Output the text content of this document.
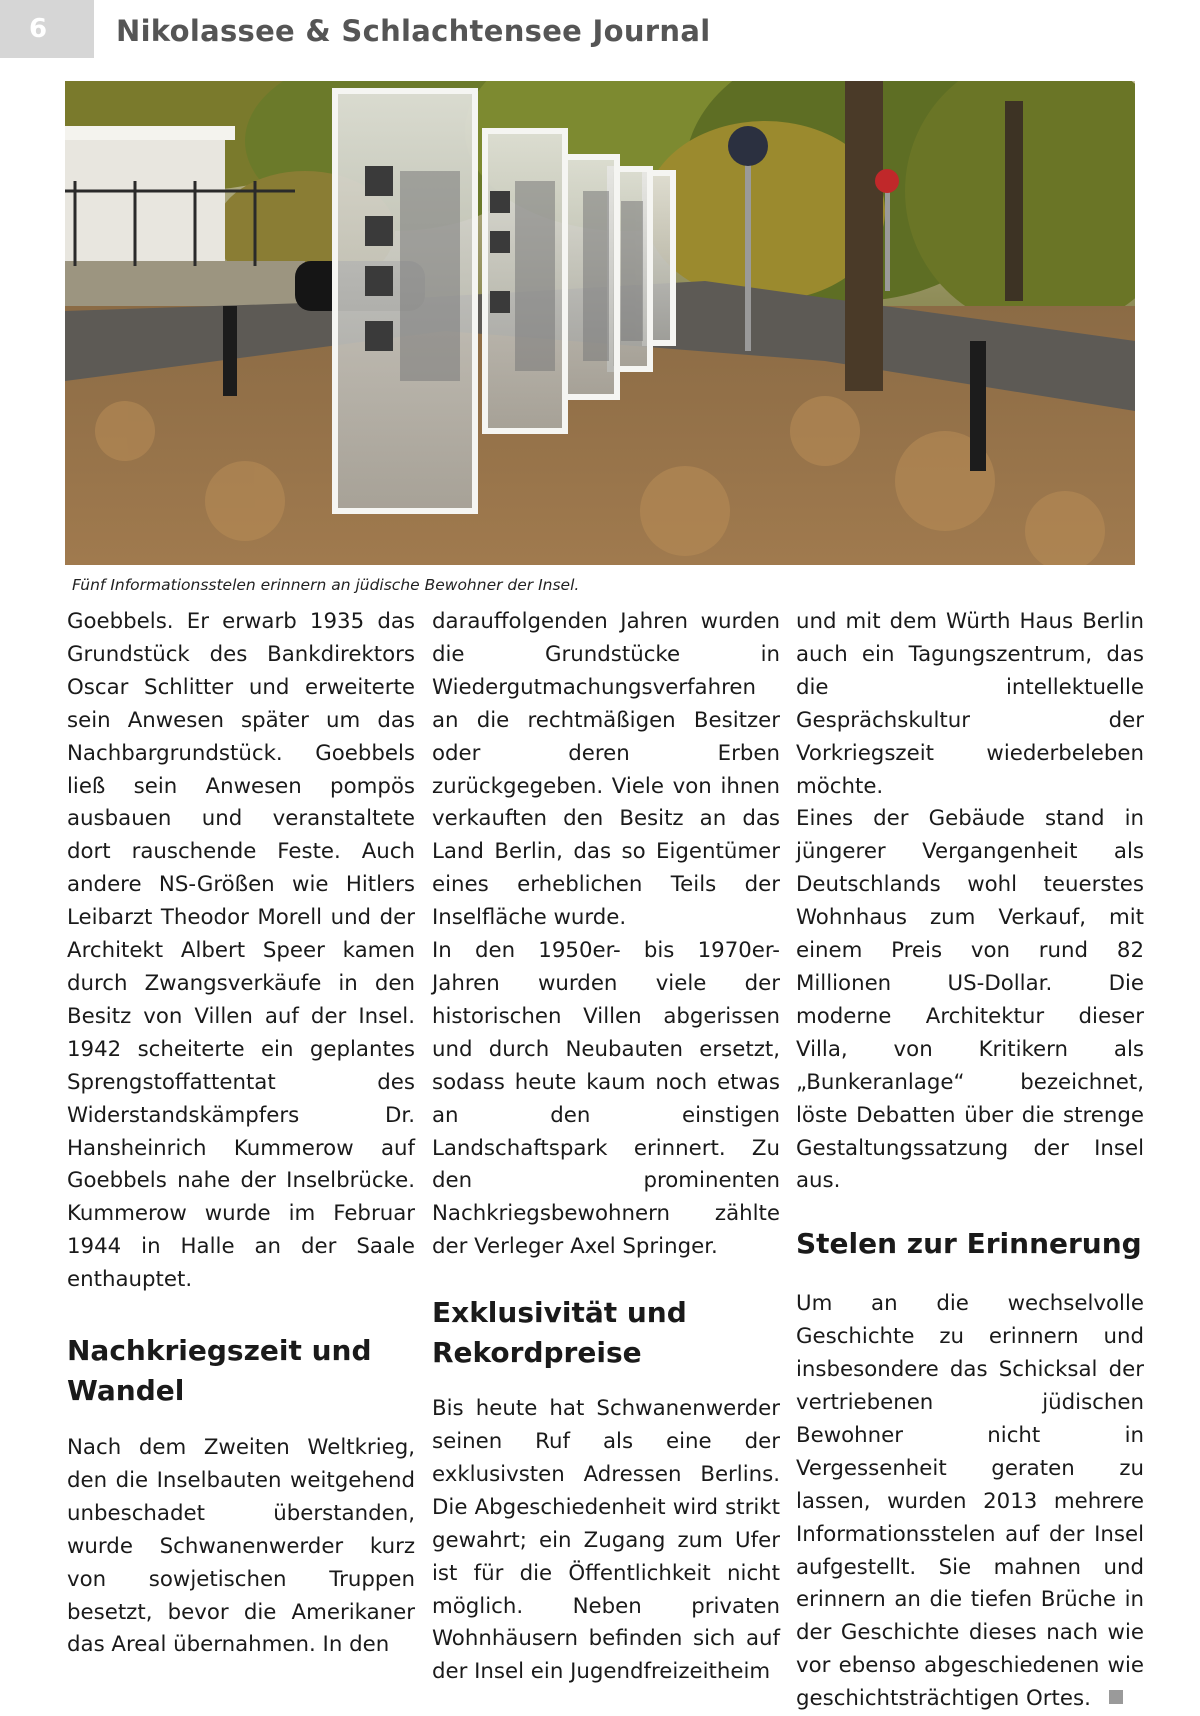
6	Nikolassee & Schlachtensee Journal
Fünf Informationsstelen erinnern an jüdische Bewohner der Insel.

Goebbels. Er erwarb 1935 das Grundstück des Bankdirektors Oscar Schlitter und erweiterte sein Anwesen später um das Nachbargrundstück. Goebbels ließ sein Anwesen pompös ausbauen und veranstaltete dort rauschende Feste. Auch andere NS-Größen wie Hitlers Leibarzt Theodor Morell und der Architekt Albert Speer kamen durch Zwangsverkäufe in den Besitz von Villen auf der Insel. 1942 scheiterte ein geplantes Sprengstoffattentat des Widerstandskämpfers Dr. Hansheinrich Kummerow auf Goebbels nahe der Inselbrücke. Kummerow wurde im Februar 1944 in Halle an der Saale enthauptet.

Nachkriegszeit und Wandel

Nach dem Zweiten Weltkrieg, den die Inselbauten weitgehend unbeschadet überstanden, wurde Schwanenwerder kurz von sowjetischen Truppen besetzt, bevor die Amerikaner das Areal übernahmen. In den

darauffolgenden Jahren wurden die Grundstücke in Wiedergutmachungsverfahren an die rechtmäßigen Besitzer oder deren Erben zurückgegeben. Viele von ihnen verkauften den Besitz an das Land Berlin, das so Eigentümer eines erheblichen Teils der Inselfläche wurde.

In den 1950er- bis 1970er-Jahren wurden viele der historischen Villen abgerissen und durch Neubauten ersetzt, sodass heute kaum noch etwas an den einstigen Landschaftspark erinnert. Zu den prominenten Nachkriegsbewohnern zählte der Verleger Axel Springer.

Exklusivität und Rekordpreise

Bis heute hat Schwanenwerder seinen Ruf als eine der exklusivsten Adressen Berlins. Die Abgeschiedenheit wird strikt gewahrt; ein Zugang zum Ufer ist für die Öffentlichkeit nicht möglich. Neben privaten Wohnhäusern befinden sich auf der Insel ein Jugendfreizeitheim

und mit dem Würth Haus Berlin auch ein Tagungszentrum, das die intellektuelle Gesprächskultur der Vorkriegszeit wiederbeleben möchte.

Eines der Gebäude stand in jüngerer Vergangenheit als Deutschlands wohl teuerstes Wohnhaus zum Verkauf, mit einem Preis von rund 82 Millionen US-Dollar. Die moderne Architektur dieser Villa, von Kritikern als „Bunkeranlage“ bezeichnet, löste Debatten über die strenge Gestaltungssatzung der Insel aus.

Stelen zur Erinnerung

Um an die wechselvolle Geschichte zu erinnern und insbesondere das Schicksal der vertriebenen jüdischen Bewohner nicht in Vergessenheit geraten zu lassen, wurden 2013 mehrere Informationsstelen auf der Insel aufgestellt. Sie mahnen und erinnern an die tiefen Brüche in der Geschichte dieses nach wie vor ebenso abgeschiedenen wie geschichtsträchtigen Ortes.
